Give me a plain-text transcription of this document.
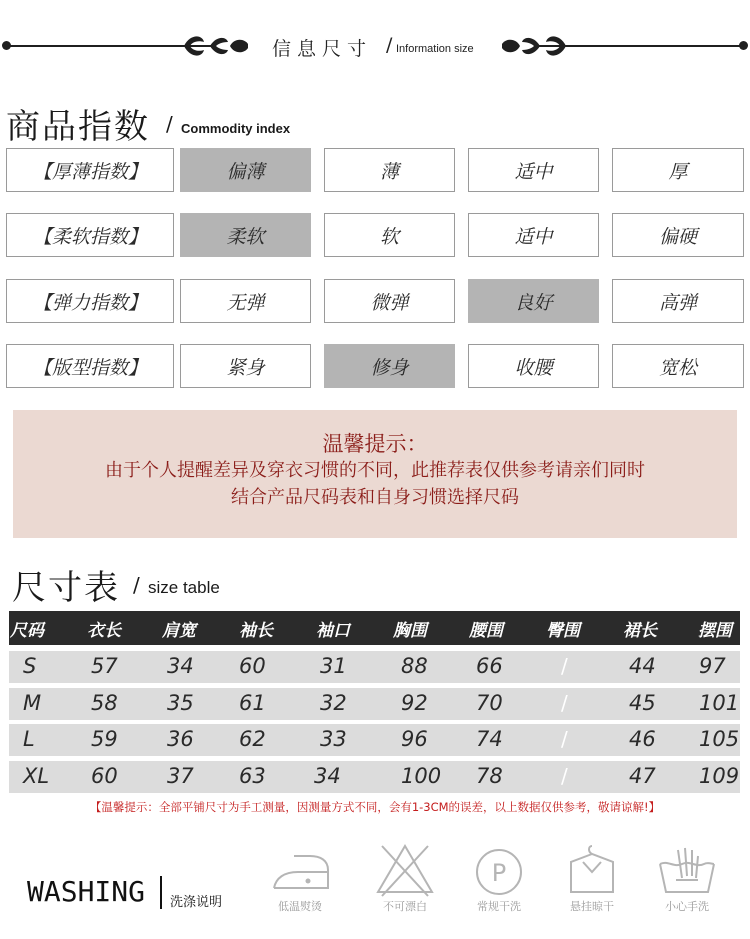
信息尺寸 / Information size
商品指数 / Commodity index
【厚薄指数】	偏薄	薄	适中	厚
【柔软指数】	柔软	软	适中	偏硬
【弹力指数】	无弹	微弹	良好	高弹
【版型指数】	紧身	修身	收腰	宽松
温馨提示：
由于个人提醒差异及穿衣习惯的不同，此推荐表仅供参考请亲们同时
结合产品尺码表和自身习惯选择尺码
尺寸表 / size table
尺码	衣长 肩宽	袖长	袖口	胸围 腰围	臀围	裙长 摆围
S	57 34 60	31	88 66	/	44 97
M 58 35 61	32	92 70	/	45 101
L	59 36 62	33	96 74	/	46 105
XL 60 37 63 34	100 78	/	47 109
【温馨提示：全部平铺尺寸为手工测量，因测量方式不同，会有1-3CM的误差，以上数据仅供参考，敬请谅解!】
WASHING 洗涤说明	低温熨烫	不可漂白
P
常规干洗	悬挂晾干	小心手洗
